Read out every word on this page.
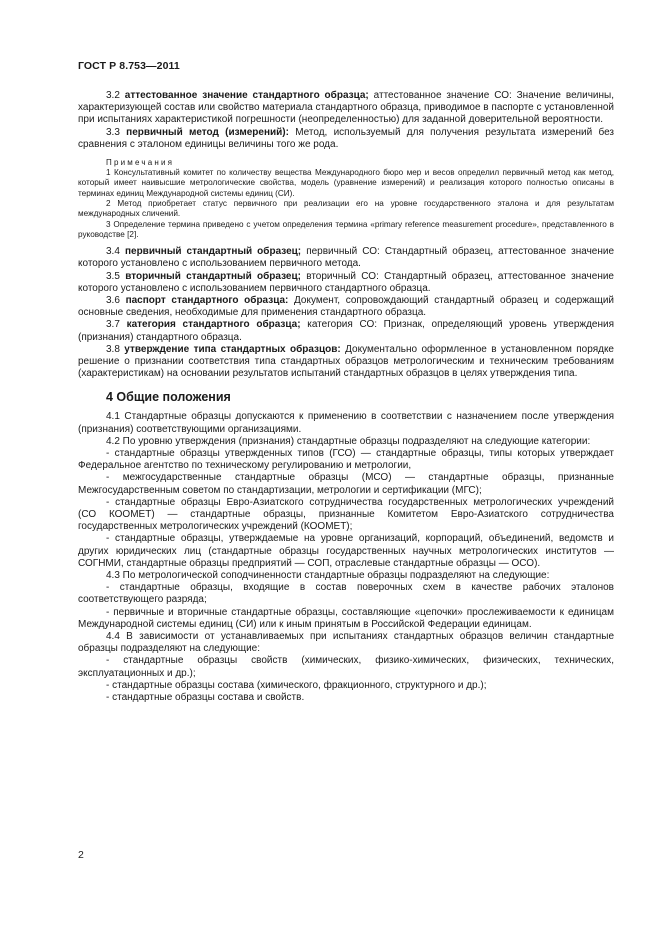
ГОСТ Р 8.753—2011

3.2 аттестованное значение стандартного образца; аттестованное значение СО: Значение величины, характеризующей состав или свойство материала стандартного образца, приводимое в паспорте с установленной при испытаниях характеристикой погрешности (неопределенностью) для заданной доверительной вероятности.

3.3 первичный метод (измерений): Метод, используемый для получения результата измерений без сравнения с эталоном единицы величины того же рода.

Примечания

1 Консультативный комитет по количеству вещества Международного бюро мер и весов определил первичный метод как метод, который имеет наивысшие метрологические свойства, модель (уравнение измерений) и реализация которого полностью описаны в терминах единиц Международной системы единиц (СИ).

2 Метод приобретает статус первичного при реализации его на уровне государственного эталона и для результатам международных сличений.

3 Определение термина приведено с учетом определения термина «primary reference measurement procedure», представленного в руководстве [2].

3.4 первичный стандартный образец; первичный СО: Стандартный образец, аттестованное значение которого установлено с использованием первичного метода.

3.5 вторичный стандартный образец; вторичный СО: Стандартный образец, аттестованное значение которого установлено с использованием первичного стандартного образца.

3.6 паспорт стандартного образца: Документ, сопровождающий стандартный образец и содержащий основные сведения, необходимые для применения стандартного образца.

3.7 категория стандартного образца; категория СО: Признак, определяющий уровень утверждения (признания) стандартного образца.

3.8 утверждение типа стандартных образцов: Документально оформленное в установленном порядке решение о признании соответствия типа стандартных образцов метрологическим и техническим требованиям (характеристикам) на основании результатов испытаний стандартных образцов в целях утверждения типа.

4 Общие положения

4.1 Стандартные образцы допускаются к применению в соответствии с назначением после утверждения (признания) соответствующими организациями.

4.2 По уровню утверждения (признания) стандартные образцы подразделяют на следующие категории:

- стандартные образцы утвержденных типов (ГСО) — стандартные образцы, типы которых утверждает Федеральное агентство по техническому регулированию и метрологии,

- межгосударственные стандартные образцы (МСО) — стандартные образцы, признанные Межгосударственным советом по стандартизации, метрологии и сертификации (МГС);

- стандартные образцы Евро-Азиатского сотрудничества государственных метрологических учреждений (СО КООМЕТ) — стандартные образцы, признанные Комитетом Евро-Азиатского сотрудничества государственных метрологических учреждений (КООМЕТ);

- стандартные образцы, утверждаемые на уровне организаций, корпораций, объединений, ведомств и других юридических лиц (стандартные образцы государственных научных метрологических институтов — СОГНМИ, стандартные образцы предприятий — СОП, отраслевые стандартные образцы — ОСО).

4.3 По метрологической соподчиненности стандартные образцы подразделяют на следующие:

- стандартные образцы, входящие в состав поверочных схем в качестве рабочих эталонов соответствующего разряда;

- первичные и вторичные стандартные образцы, составляющие «цепочки» прослеживаемости к единицам Международной системы единиц (СИ) или к иным принятым в Российской Федерации единицам.

4.4 В зависимости от устанавливаемых при испытаниях стандартных образцов величин стандартные образцы подразделяют на следующие:

- стандартные образцы свойств (химических, физико-химических, физических, технических, эксплуатационных и др.);

- стандартные образцы состава (химического, фракционного, структурного и др.);

- стандартные образцы состава и свойств.

2
